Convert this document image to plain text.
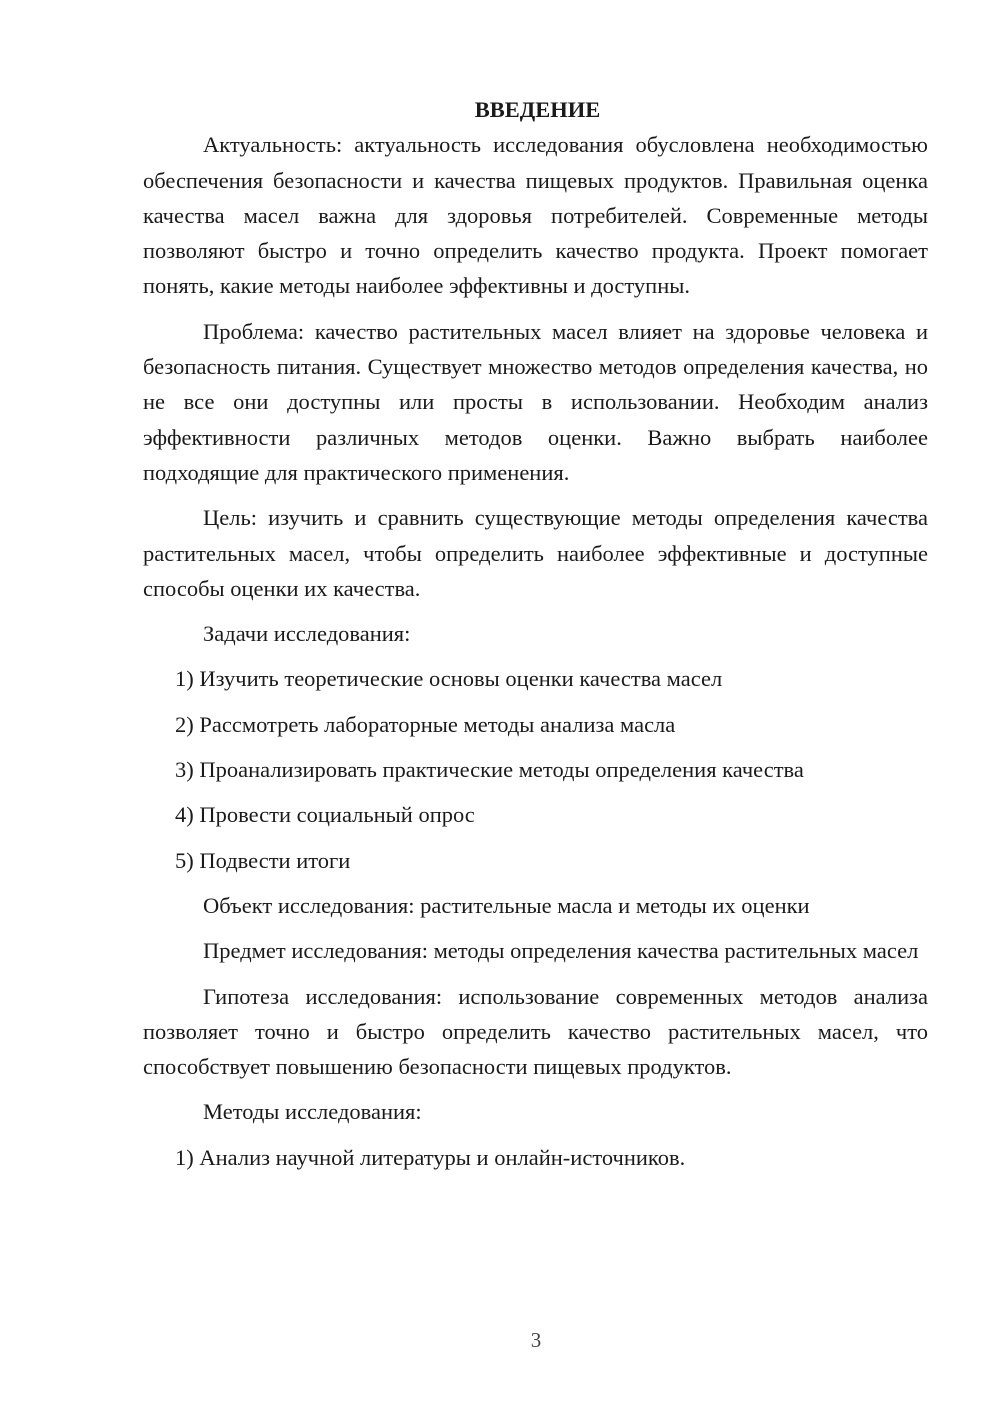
ВВЕДЕНИЕ

Актуальность: актуальность исследования обусловлена необходимостью обеспечения безопасности и качества пищевых продуктов. Правильная оценка качества масел важна для здоровья потребителей. Современные методы позволяют быстро и точно определить качество продукта. Проект помогает понять, какие методы наиболее эффективны и доступны.

Проблема: качество растительных масел влияет на здоровье человека и безопасность питания. Существует множество методов определения качества, но не все они доступны или просты в использовании. Необходим анализ эффективности различных методов оценки. Важно выбрать наиболее подходящие для практического применения.

Цель: изучить и сравнить существующие методы определения качества растительных масел, чтобы определить наиболее эффективные и доступные способы оценки их качества.

Задачи исследования:

1) Изучить теоретические основы оценки качества масел

2) Рассмотреть лабораторные методы анализа масла

3) Проанализировать практические методы определения качества

4) Провести социальный опрос

5) Подвести итоги

Объект исследования: растительные масла и методы их оценки

Предмет исследования: методы определения качества растительных масел

Гипотеза исследования: использование современных методов анализа позволяет точно и быстро определить качество растительных масел, что способствует повышению безопасности пищевых продуктов.

Методы исследования:

1) Анализ научной литературы и онлайн-источников.

3
